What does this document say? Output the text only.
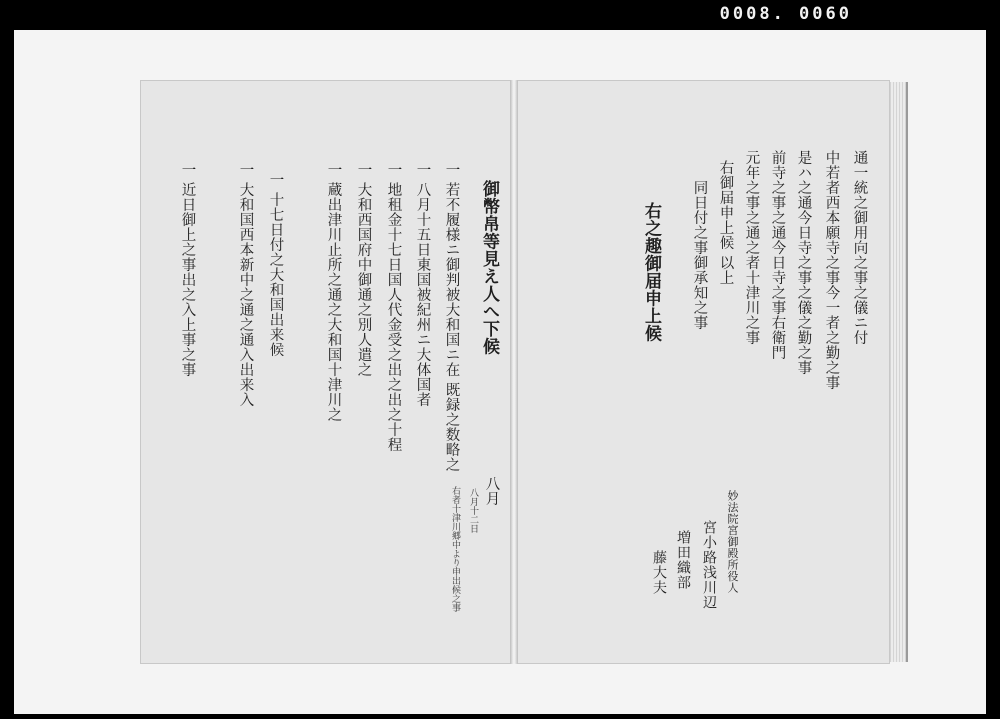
0008. 0060
御幣帛等見え人へ下候
八月
一 若不履様ニ御判被大和国ニ在 既録之数略之
八月十二日
右者十津川郷中より申出候之事
一 八月十五日東国被紀州ニ大体国者
一 地租金十七日国人代金受之出之出之十程
一 大和西国府中御通之別人遣之
一 蔵出津川止所之通之大和国十津川之
一 十七日付之大和国出来候
一 大和国西本新中之通之通入出来入
一 近日御上之事出之入上事之事	通一統之御用向之事之儀ニ付
中若者西本願寺之事今一者之勤之事
是ハ之通今日寺之事之儀之勤之事
前寺之事之通今日寺之事右衛門
元年之事之通之者十津川之事
右御届申上候 以上
同日付之事御承知之事
右之趣御届申上候
妙法院宮御殿所役人
宮小路浅川辺
増田織部
藤大夫
